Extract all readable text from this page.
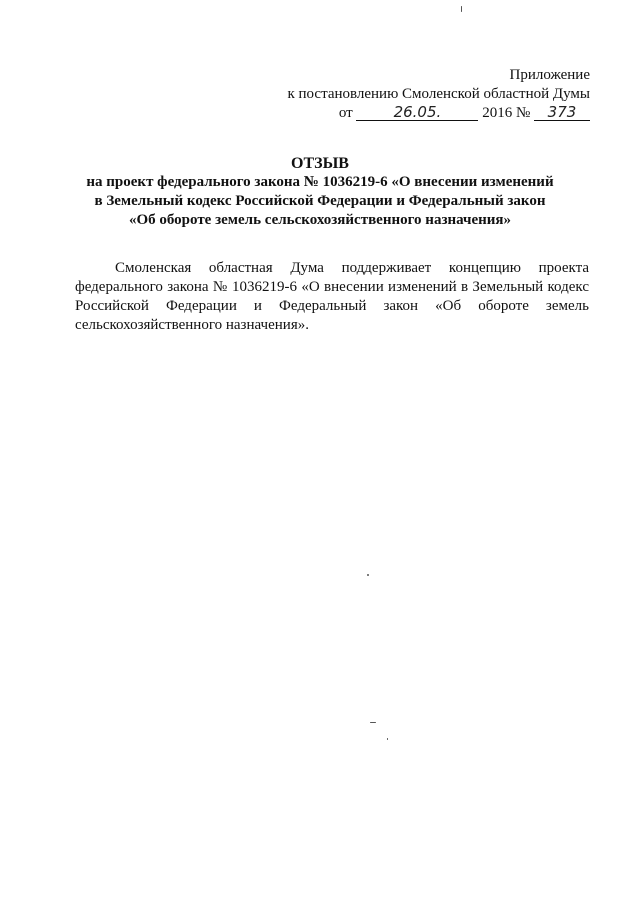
Приложение
к постановлению Смоленской областной Думы
от	26.05.	2016 № 373
ОТЗЫВ
на проект федерального закона № 1036219-6 «О внесении изменений
в Земельный кодекс Российской Федерации и Федеральный закон
«Об обороте земель сельскохозяйственного назначения»
Смоленская областная Дума поддерживает концепцию проекта федерального закона № 1036219-6 «О внесении изменений в Земельный кодекс Российской Федерации и Федеральный закон «Об обороте земель сельскохозяйственного назначения».
